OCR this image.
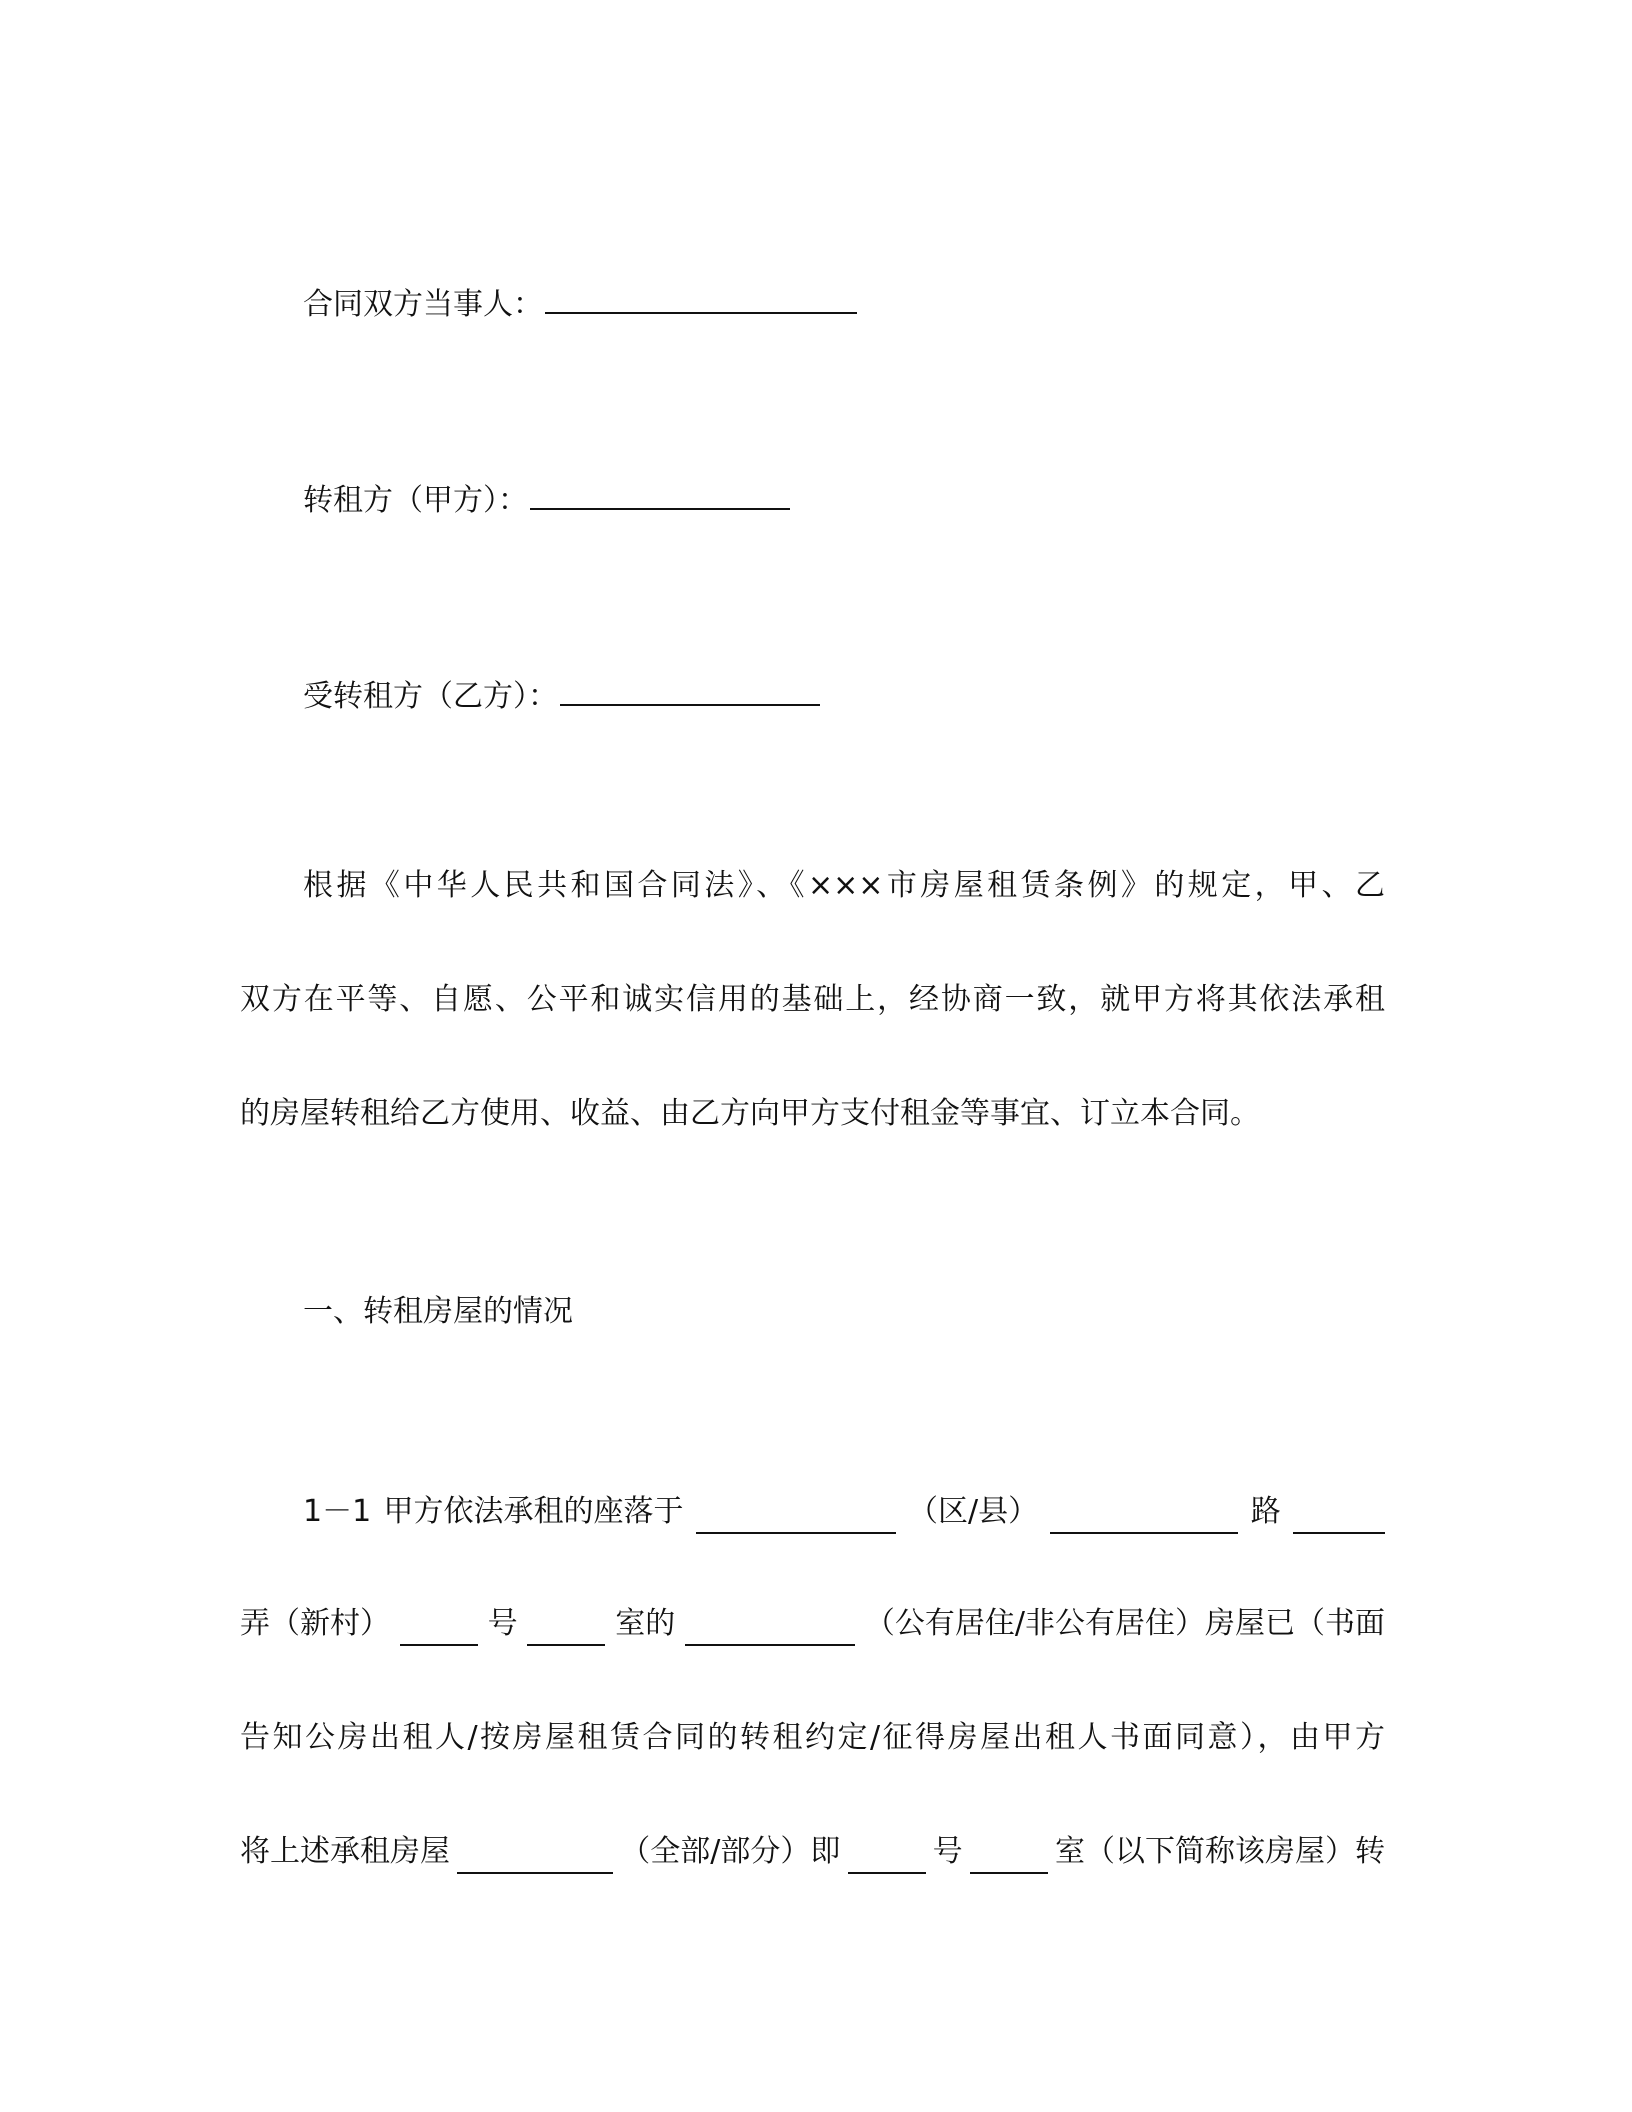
合同双方当事人：
转租方（甲方）：
受转租方（乙方）：
根据《中华人民共和国合同法》、《×××市房屋租赁条例》的规定，甲、乙
双方在平等、自愿、公平和诚实信用的基础上，经协商一致，就甲方将其依法承租
的房屋转租给乙方使用、收益、由乙方向甲方支付租金等事宜、订立本合同。
一、转租房屋的情况
1－1 甲方依法承租的座落于	（区/县）	路
弄（新村）	号	室的	（公有居住/非公有居住）房屋已（书面
告知公房出租人/按房屋租赁合同的转租约定/征得房屋出租人书面同意），由甲方
将上述承租房屋	（全部/部分）即	号	室（以下简称该房屋）转
